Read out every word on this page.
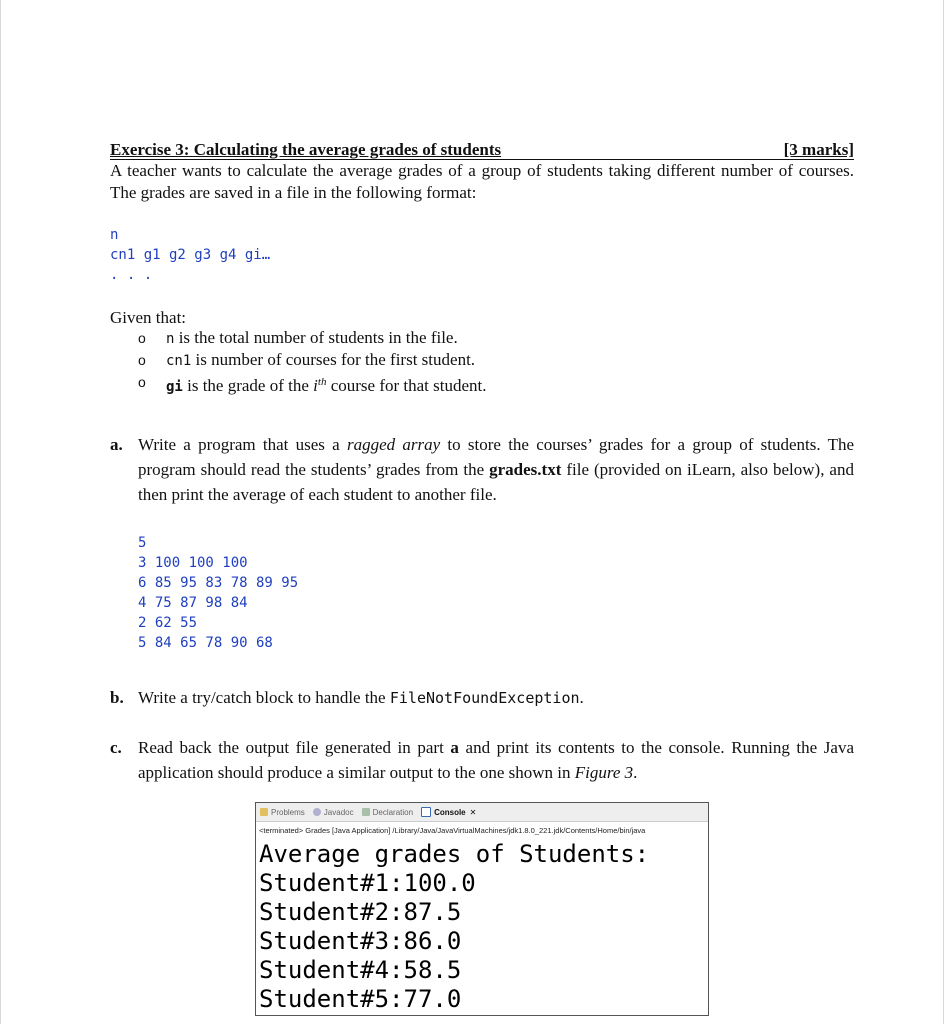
Exercise 3: Calculating the average grades of students	[3 marks]
A teacher wants to calculate the average grades of a group of students taking different number of courses. The grades are saved in a file in the following format:
n
cn1 g1 g2 g3 g4 gi…
. . .
Given that:
o n is the total number of students in the file.
o cn1 is number of courses for the first student.
o gi is the grade of the $i^{th}$ course for that student.
a. Write a program that uses a ragged array to store the courses’ grades for a group of students. The program should read the students’ grades from the grades.txt file (provided on iLearn, also below), and then print the average of each student to another file.
5
3 100 100 100
6 85 95 83 78 89 95
4 75 87 98 84
2 62 55
5 84 65 78 90 68
b. Write a try/catch block to handle the FileNotFoundException.
c. Read back the output file generated in part a and print its contents to the console. Running the Java application should produce a similar output to the one shown in Figure 3.
Problems Javadoc Declaration	Console ✕
<terminated> Grades [Java Application] /Library/Java/JavaVirtualMachines/jdk1.8.0_221.jdk/Contents/Home/bin/java
Average grades of Students:
Student#1:100.0
Student#2:87.5
Student#3:86.0
Student#4:58.5
Student#5:77.0
